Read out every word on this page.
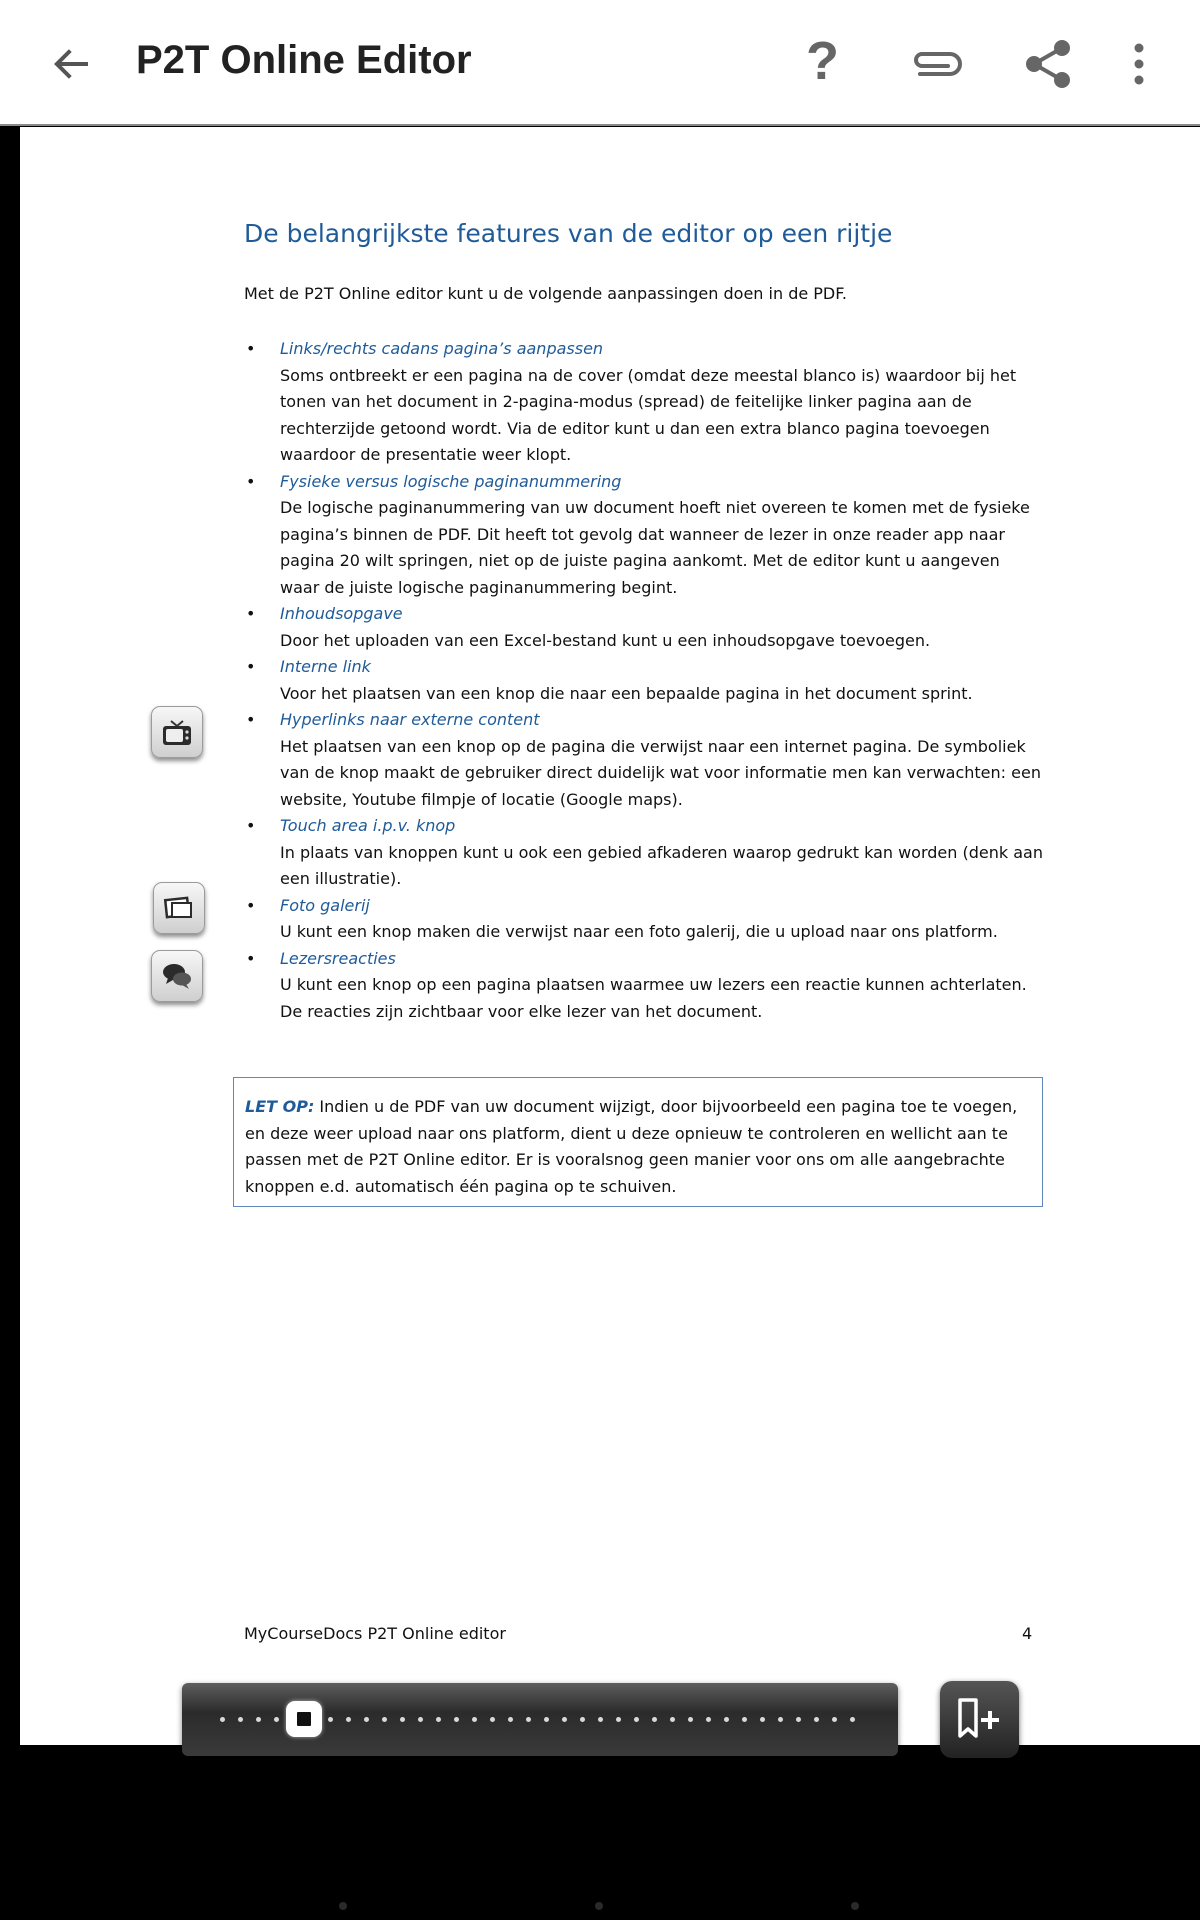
P2T Online Editor	?
De belangrijkste features van de editor op een rijtje
Met de P2T Online editor kunt u de volgende aanpassingen doen in de PDF.
• Links/rechts cadans pagina’s aanpassen
Soms ontbreekt er een pagina na de cover (omdat deze meestal blanco is) waardoor bij het tonen van het document in 2-pagina-modus (spread) de feitelijke linker pagina aan de rechterzijde getoond wordt. Via de editor kunt u dan een extra blanco pagina toevoegen waardoor de presentatie weer klopt.
• Fysieke versus logische paginanummering
De logische paginanummering van uw document hoeft niet overeen te komen met de fysieke pagina’s binnen de PDF. Dit heeft tot gevolg dat wanneer de lezer in onze reader app naar pagina 20 wilt springen, niet op de juiste pagina aankomt. Met de editor kunt u aangeven waar de juiste logische paginanummering begint.
• Inhoudsopgave
Door het uploaden van een Excel-bestand kunt u een inhoudsopgave toevoegen.
• Interne link
Voor het plaatsen van een knop die naar een bepaalde pagina in het document sprint.
• Hyperlinks naar externe content
Het plaatsen van een knop op de pagina die verwijst naar een internet pagina. De symboliek van de knop maakt de gebruiker direct duidelijk wat voor informatie men kan verwachten: een website, Youtube filmpje of locatie (Google maps).
• Touch area i.p.v. knop
In plaats van knoppen kunt u ook een gebied afkaderen waarop gedrukt kan worden (denk aan een illustratie).
• Foto galerij
U kunt een knop maken die verwijst naar een foto galerij, die u upload naar ons platform.
• Lezersreacties
U kunt een knop op een pagina plaatsen waarmee uw lezers een reactie kunnen achterlaten. De reacties zijn zichtbaar voor elke lezer van het document.
LET OP: Indien u de PDF van uw document wijzigt, door bijvoorbeeld een pagina toe te voegen, en deze weer upload naar ons platform, dient u deze opnieuw te controleren en wellicht aan te passen met de P2T Online editor. Er is vooralsnog geen manier voor ons om alle aangebrachte knoppen e.d. automatisch één pagina op te schuiven.
MyCourseDocs P2T Online editor	4
